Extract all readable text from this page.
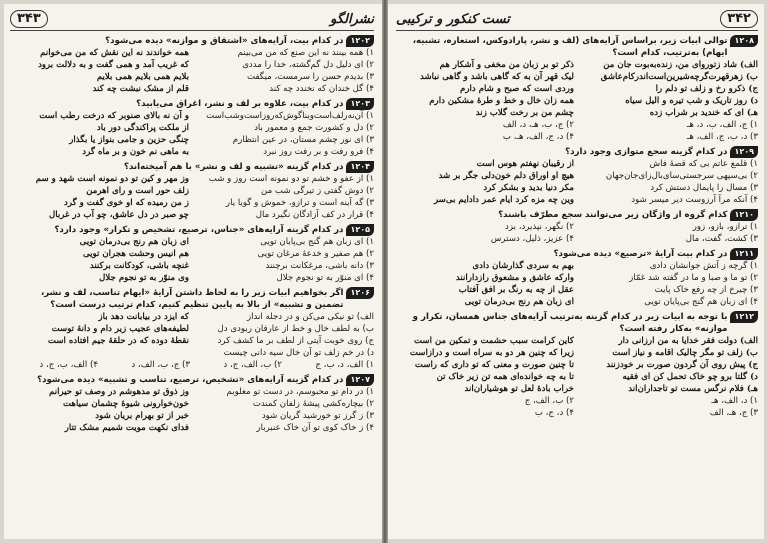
نشرالگو
۳۴۳
۱۲۰۲
در کدام بیت، آرایه‌های «اشتقاق و موازنه» دیده می‌شود؟
۱) همه بینند نه این صنع که من می‌بینم
۲) ای دلیل دل گم‌گشته، خدا را مددی
۳) بدیدم حسن را سرمست، میگفت
۴) گل خندان که نخندد چه کند
همه خواندند نه این نقش که من می‌خوانم
که غریب آمد و همی گفت و به دلالت برود
بلایم همی بلایم همی بلایم
قلم از مشک نبشت چه کند
۱۲۰۳
در کدام بیت، علاوه بر لف و نشر، اغراق می‌یابید؟
۱) آن‌نه‌رلف‌است‌وبناگوش‌که‌روز‌است‌وشب‌است
۲) دل و کشورت جمع و معمور باد
۳) ای نور چشم مستان، در عین انتظارم
۴) فرو رفت و بر رفت روز نبرد
و آن نه بالای صنوبر که درخت رطب است
از ملکت پراکندگی دور باد
چنگی حزین و جامی بنواز یا بگذار
به ماهی نم خون و بر ماه گرد
۱۲۰۴
در کدام گزینه «تشبیه و لف و نشر» با هم آمیخته‌اند؟
۱) از عفو و خشم تو دو نمونه است روز و شب
۲) دوش گفتی ز تیرگی شب من
۳) گه آینه است و ترازو، خموش و گویا یار
۴) قرار در کف آزادگان نگیرد مال
وز مهر و کین تو دو نمونه است شهد و سم
زلف حور است و رای اهرمن
ز من رمیده که او خوی گفت و گرد
چو صبر در دل عاشق، چو آب در غربال
۱۲۰۵
در کدام گزینه آرایه‌های «جناس، ترصیع، تشخیص و تکرار» وجود دارد؟
۱) ای زبان هم گنج بی‌پایان تویی
۲) هم صفیر و خدعهٔ مرغان تویی
۳) دانه باشی، مرغکانت برچنند
۴) ای منوّر به تو نجوم جلال
ای زبان هم رنج بی‌درمان تویی
هم انیس وحشت هجران تویی
غنچه باشی، کودکانت برکنند
وی منوّر به تو نجوم جلال
۱۲۰۶
اگر بخواهیم ابیات زیر را به لحاظ داشتن آرایهٔ «ایهام تناسب، لف و نشر، تضمین و تشبیه» از بالا به پایین تنظیم کنیم، کدام ترتیب درست است؟
الف) تو نیکی می‌کن و در دجله انداز
ب) به لطف خال و خط از عارفان ربودی دل
ج) روی خوبت آیتی از لطف بر ما کشف کرد
د) در خم زلف تو آن خال سیه دانی چیست
که ایزد در بیابانت دهد باز
لطیفه‌های عجیب زیر دام و دانهٔ توست
نقطهٔ دوده که در حلقهٔ جیم افتاده است
۱) الف، د، ب، ج
۲) ب، الف، ج، د
۳) ج، ب، الف، د
۴) الف، ب، ج، د
۱۲۰۷
در کدام گزینه آرایه‌های «تشخیص، ترصیع، تناسب و تشبیه» دیده می‌شود؟
۱) در دام تو محبوسم، در دست تو مغلوبم
۲) بیچاره‌کشی پیشهٔ زلفان کمندت
۳) ز گرز تو خورشید گریان شود
۴) ز خاک کوی تو آن خاک عنبربار
وز ذوق تو مدهوشم در وصف تو حیرانم
خون‌خوارونی شیوهٔ چشمان سیاهت
خبر از تو بهرام بریان شود
فدای نکهت مویت شمیم مشک تتار
۳۴۲
تست‌ کنکور و ترکیبی
۱۲۰۸
توالی ابیات زیر، براساس آرایه‌های (لف و نشر، پارادوکس، استعاره، تشبیه، ایهام) به‌ترتیب، کدام است؟
الف) شاد زتورو‌ای من، زنده‌به‌بوت جان من
ب) زهرقهرت‌گرچه‌شیرین‌است‌اندرکام‌عاشق
ج) ذکرو رخ و زلف تو دلم را
د) روز تاریک و شب تیره و الیل سیاه
هـ) ای که خندید بر شراب زده
ذکر تو بر زبان من مخفی و آشکار هم
لیک قهر آن به که گاهی باشد و گاهی نباشد
وردی است که صبح و شام دارم
همه زان خال و خط و طرهٔ مشکین دارم
چشم من بر رخت گلاب زند
۱) ج، الف، ب، د، هـ
۲) ج، ب، هـ، د، الف
۳) د، ب، ج، الف، هـ
۴) د، ج، الف، هـ، ب
۱۲۰۹
در کدام گزینه سجع متوازی وجود دارد؟
۱) قلمع عاتم بی که قصهٔ فاش
۲) بی‌سپهی سرجستی‌سای‌بال‌زای‌جان‌جهان
۳) مسال را پایمال دستش کرد
۴) آنکه مرآ آرزوست دیر میسر شود
از رقیبان نهفتم هوس است
هیچ او اوراق دلم خون‌دلی جگر بر شد
مکر دنیا بدید و بشکر کرد
وین چه مزه کرد ایام عمر دادایم بی‌سر
۱۲۱۰
کدام گروه از واژگان زیر می‌توانند سجع مطرّف باشند؟
۱) ترازو، بازو، زور
۲) نگهر، نپذیرد، بزد
۳) کشت، گفت، مال
۴) عزیز، ذلیل، دسترس
۱۲۱۱
در کدام بیت آرایهٔ «ترصیع» دیده می‌شود؟
۱) گرچه ز آتش جوانشان دادی
۲) تو ما و صبا و ما در گفته شد غمّاز
۳) چیرخ از چه رفع خاک پایت
۴) ای زبان هم گنج بی‌پایان تویی
بهم به سردی گذارشان دادی
وارکه عاشق و مشعوق رازدارانند
عقل از چه به رنگ بر افق آفتاب
ای زبان هم رنج بی‌درمان تویی
۱۲۱۲
با توجه به ابیات زیر در کدام گزینه به‌ترتیب آرایه‌های جناس همسان، تکرار و موازنه» به‌کار رفته است؟
الف) دولت فقر خدایا به من ارزانی دار
ب) زلف تو مگر چالیک اقامه و نیاز است
ج) پیش روی آن گردون صورت بر خودزنند
د) گلتا برو چو خاک تحمل کن ای فقیه
هـ) فلام نرگس مست تو تاجداران‌اند
کاین کرامت سبب حشمت و تمکین من است
زیرا که چنین هر دو به سراه است و درازاست
تا چنین صورت و معنی که تو داری که راست
تا به چه خوانده‌ای همه تن زیر خاک تن
خراب بادهٔ لعل تو هوشیاران‌اند
۱) د، الف، هـ
۲) ب، الف، ج
۳) ج، هـ، الف
۴) د، ج، ب
